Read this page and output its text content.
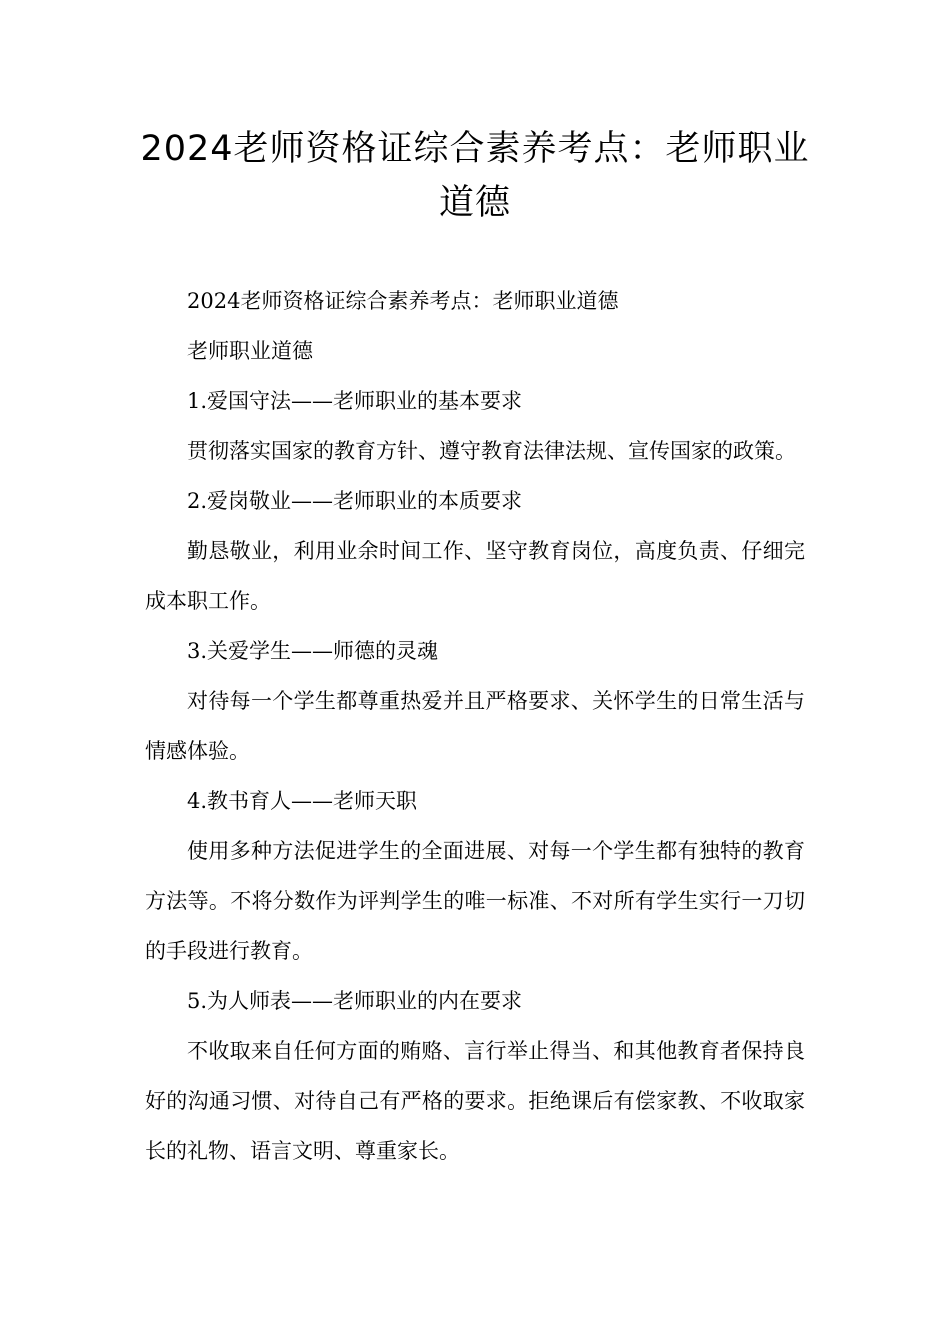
2024老师资格证综合素养考点：老师职业道德

2024老师资格证综合素养考点：老师职业道德

老师职业道德

1.爱国守法——老师职业的基本要求

贯彻落实国家的教育方针、遵守教育法律法规、宣传国家的政策。

2.爱岗敬业——老师职业的本质要求

勤恳敬业，利用业余时间工作、坚守教育岗位，高度负责、仔细完成本职工作。

3.关爱学生——师德的灵魂

对待每一个学生都尊重热爱并且严格要求、关怀学生的日常生活与情感体验。

4.教书育人——老师天职

使用多种方法促进学生的全面进展、对每一个学生都有独特的教育方法等。不将分数作为评判学生的唯一标准、不对所有学生实行一刀切的手段进行教育。

5.为人师表——老师职业的内在要求

不收取来自任何方面的贿赂、言行举止得当、和其他教育者保持良好的沟通习惯、对待自己有严格的要求。拒绝课后有偿家教、不收取家长的礼物、语言文明、尊重家长。
